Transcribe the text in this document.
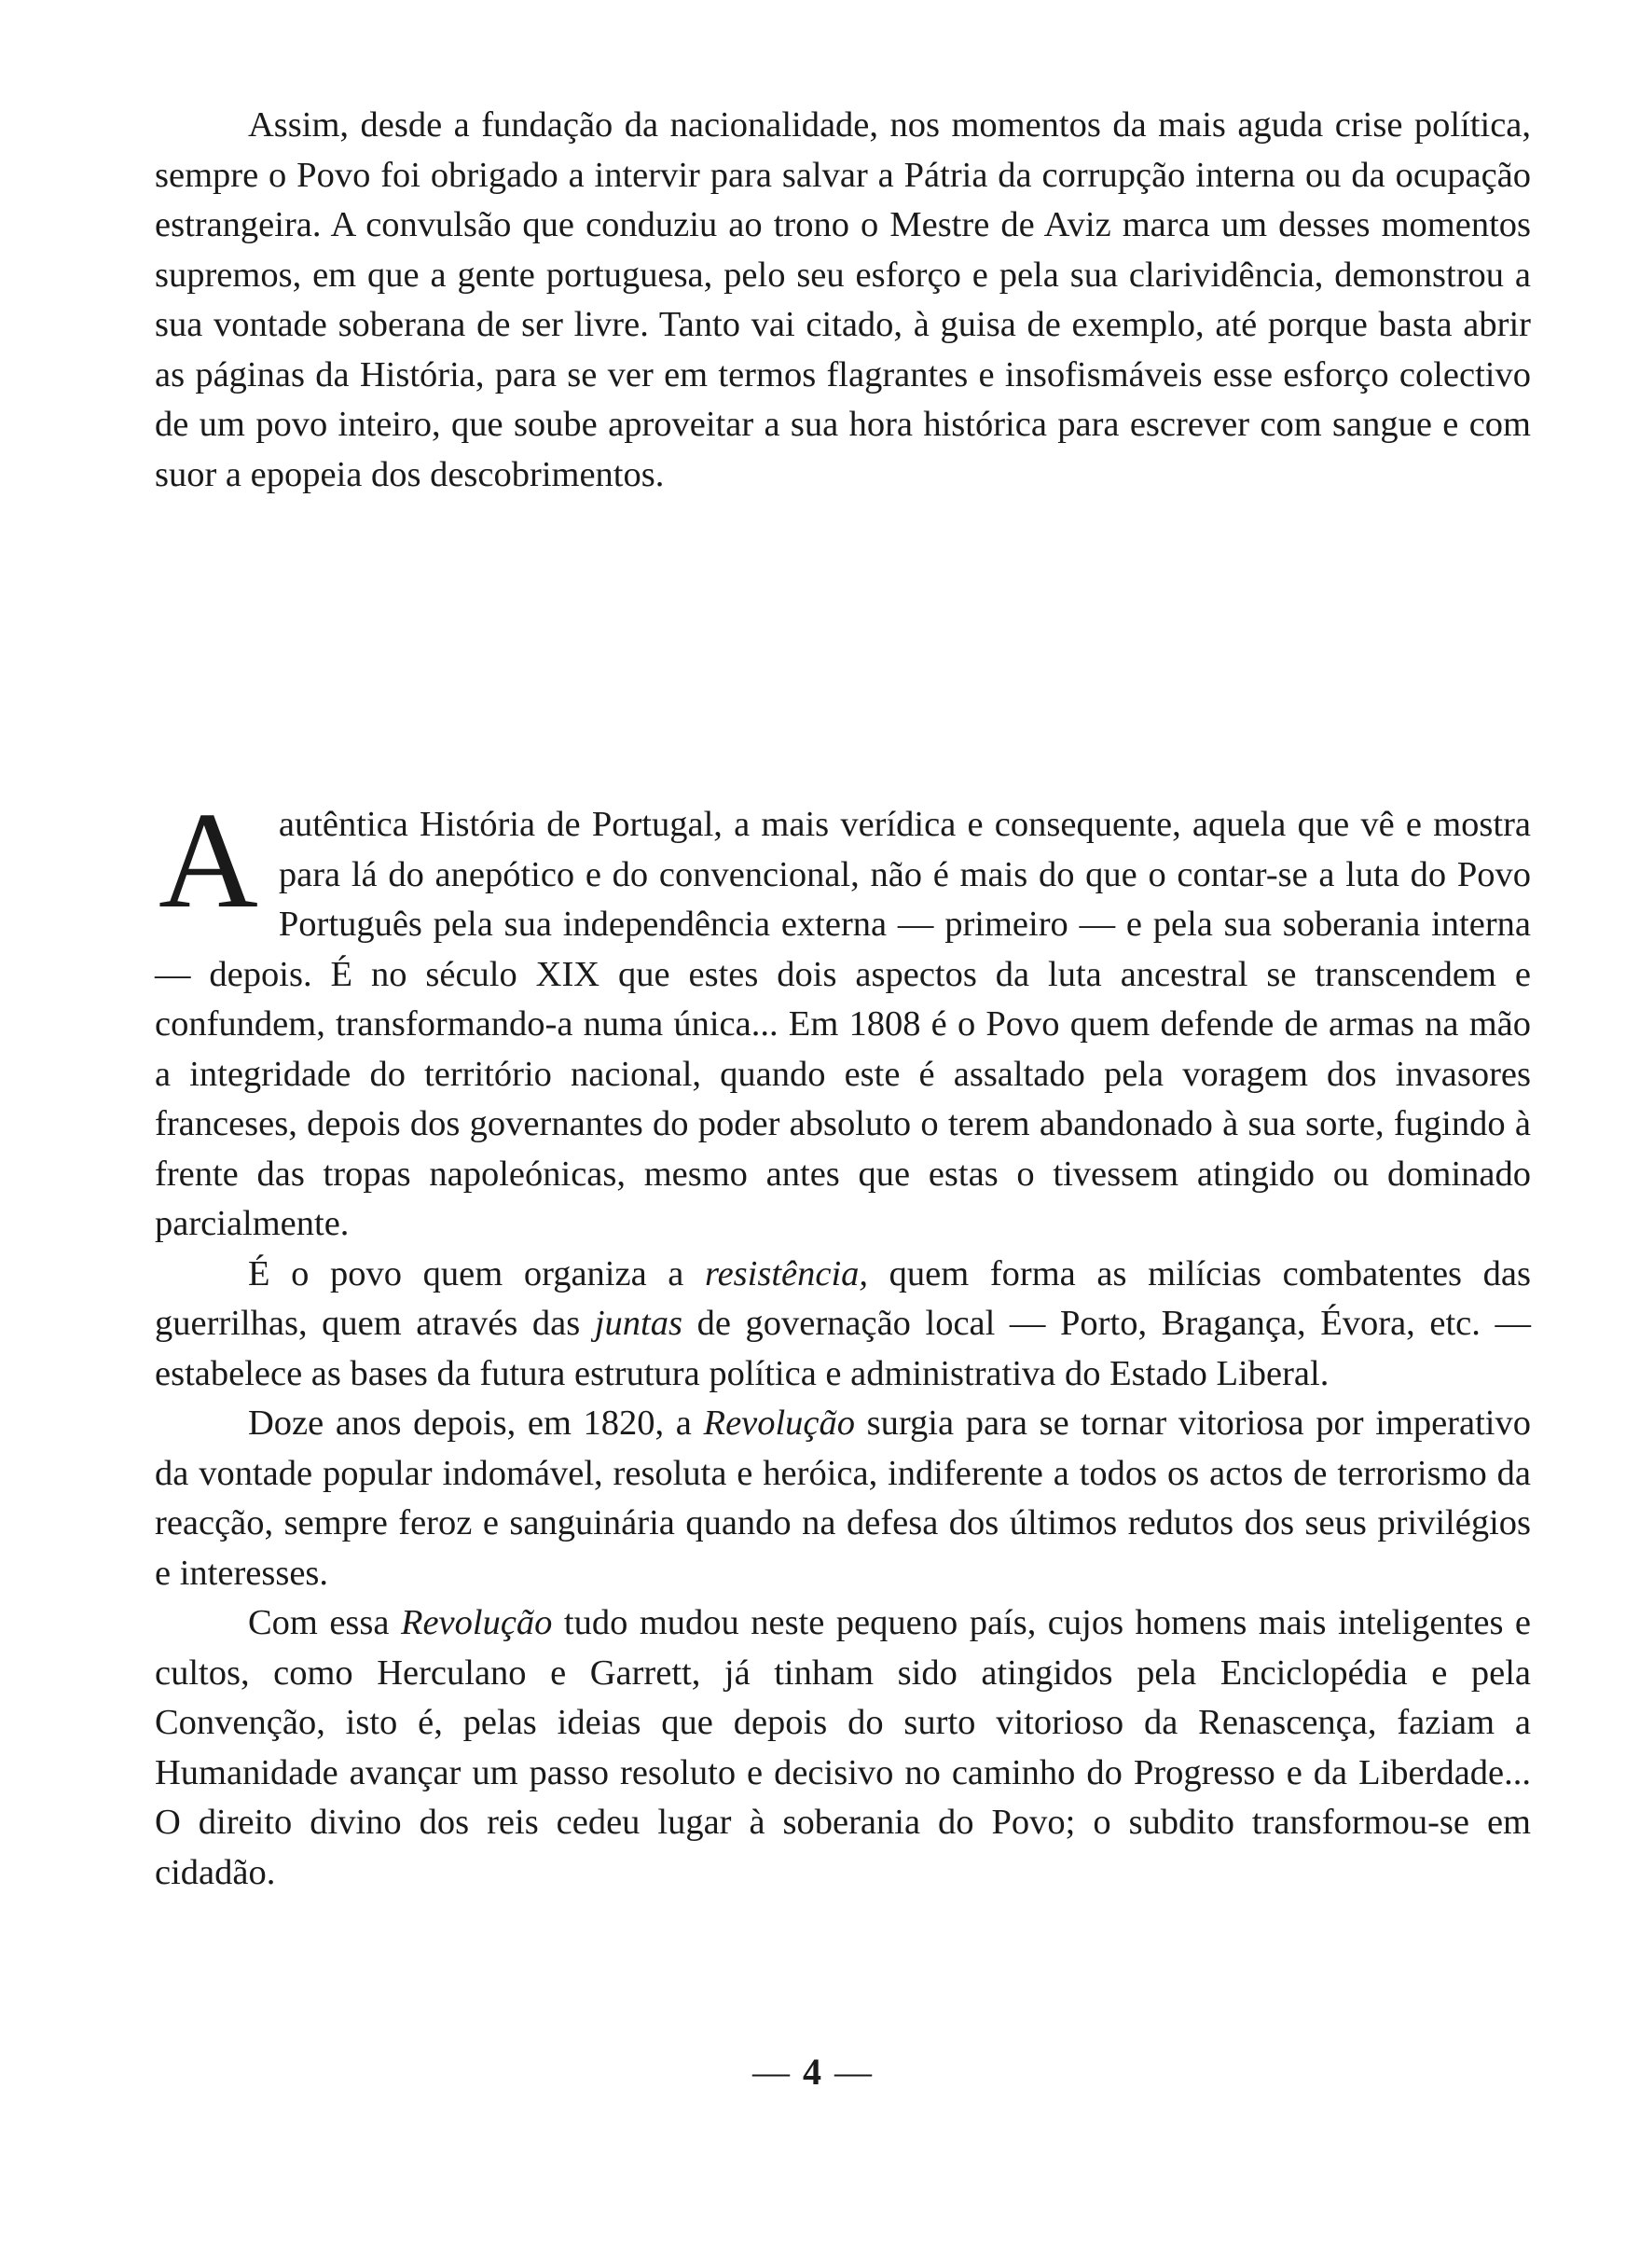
Assim, desde a fundação da nacionalidade, nos momentos da mais aguda crise política, sempre o Povo foi obrigado a intervir para salvar a Pátria da corrupção interna ou da ocupação estrangeira. A convulsão que conduziu ao trono o Mestre de Aviz marca um desses momentos supremos, em que a gente portuguesa, pelo seu esforço e pela sua clarividência, demonstrou a sua vontade soberana de ser livre. Tanto vai citado, à guisa de exemplo, até porque basta abrir as páginas da História, para se ver em termos flagrantes e insofismáveis esse esforço colectivo de um povo inteiro, que soube aproveitar a sua hora histórica para escrever com sangue e com suor a epopeia dos descobrimentos.

A autêntica História de Portugal, a mais verídica e consequente, aquela que vê e mostra para lá do anepótico e do convencional, não é mais do que o contar-se a luta do Povo Português pela sua independência externa — primeiro — e pela sua soberania interna — depois. É no século XIX que estes dois aspectos da luta ancestral se transcendem e confundem, transformando-a numa única... Em 1808 é o Povo quem defende de armas na mão a integridade do território nacional, quando este é assaltado pela voragem dos invasores franceses, depois dos governantes do poder absoluto o terem abandonado à sua sorte, fugindo à frente das tropas napoleónicas, mesmo antes que estas o tivessem atingido ou dominado parcialmente.

É o povo quem organiza a resistência, quem forma as milícias combatentes das guerrilhas, quem através das juntas de governação local — Porto, Bragança, Évora, etc. — estabelece as bases da futura estrutura política e administrativa do Estado Liberal.

Doze anos depois, em 1820, a Revolução surgia para se tornar vitoriosa por imperativo da vontade popular indomável, resoluta e heróica, indiferente a todos os actos de terrorismo da reacção, sempre feroz e sanguinária quando na defesa dos últimos redutos dos seus privilégios e interesses.

Com essa Revolução tudo mudou neste pequeno país, cujos homens mais inteligentes e cultos, como Herculano e Garrett, já tinham sido atingidos pela Enciclopédia e pela Convenção, isto é, pelas ideias que depois do surto vitorioso da Renascença, faziam a Humanidade avançar um passo resoluto e decisivo no caminho do Progresso e da Liberdade... O direito divino dos reis cedeu lugar à soberania do Povo; o subdito transformou-se em cidadão.

— 4 —
